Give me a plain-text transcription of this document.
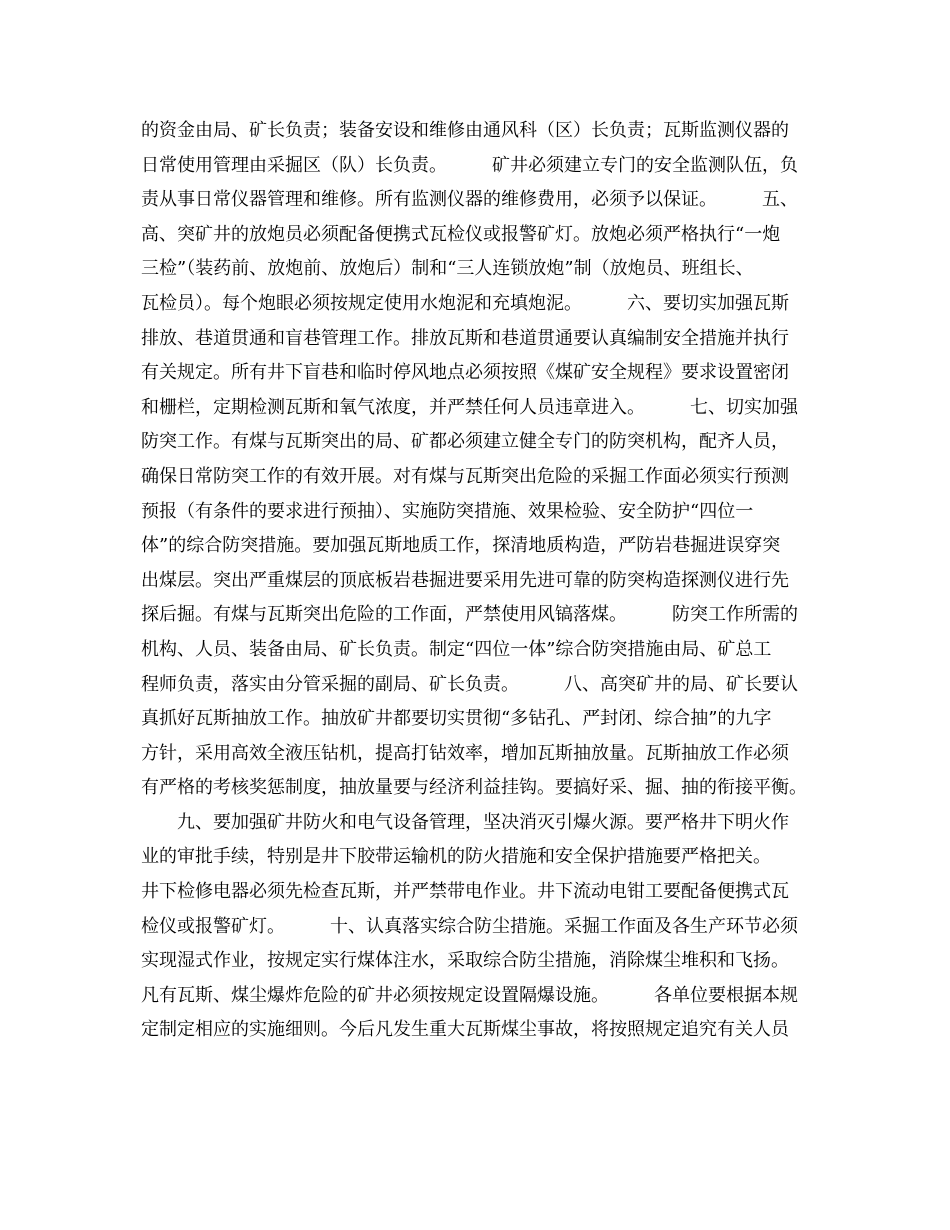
的资金由局、矿长负责；装备安设和维修由通风科（区）长负责；瓦斯监测仪器的
日常使用管理由采掘区（队）长负责。　　　矿井必须建立专门的安全监测队伍，负
责从事日常仪器管理和维修。所有监测仪器的维修费用，必须予以保证。　　　五、
高、突矿井的放炮员必须配备便携式瓦检仪或报警矿灯。放炮必须严格执行“一炮
三检”（装药前、放炮前、放炮后）制和“三人连锁放炮”制（放炮员、班组长、
瓦检员）。每个炮眼必须按规定使用水炮泥和充填炮泥。　　　六、要切实加强瓦斯
排放、巷道贯通和盲巷管理工作。排放瓦斯和巷道贯通要认真编制安全措施并执行
有关规定。所有井下盲巷和临时停风地点必须按照《煤矿安全规程》要求设置密闭
和栅栏，定期检测瓦斯和氧气浓度，并严禁任何人员违章进入。　　　七、切实加强
防突工作。有煤与瓦斯突出的局、矿都必须建立健全专门的防突机构，配齐人员，
确保日常防突工作的有效开展。对有煤与瓦斯突出危险的采掘工作面必须实行预测
预报（有条件的要求进行预抽）、实施防突措施、效果检验、安全防护“四位一
体”的综合防突措施。要加强瓦斯地质工作，探清地质构造，严防岩巷掘进误穿突
出煤层。突出严重煤层的顶底板岩巷掘进要采用先进可靠的防突构造探测仪进行先
探后掘。有煤与瓦斯突出危险的工作面，严禁使用风镐落煤。　　　防突工作所需的
机构、人员、装备由局、矿长负责。制定“四位一体”综合防突措施由局、矿总工
程师负责，落实由分管采掘的副局、矿长负责。　　　八、高突矿井的局、矿长要认
真抓好瓦斯抽放工作。抽放矿井都要切实贯彻“多钻孔、严封闭、综合抽”的九字
方针，采用高效全液压钻机，提高打钻效率，增加瓦斯抽放量。瓦斯抽放工作必须
有严格的考核奖惩制度，抽放量要与经济利益挂钩。要搞好采、掘、抽的衔接平衡。
　　九、要加强矿井防火和电气设备管理，坚决消灭引爆火源。要严格井下明火作
业的审批手续，特别是井下胶带运输机的防火措施和安全保护措施要严格把关。
井下检修电器必须先检查瓦斯，并严禁带电作业。井下流动电钳工要配备便携式瓦
检仪或报警矿灯。　　　十、认真落实综合防尘措施。采掘工作面及各生产环节必须
实现湿式作业，按规定实行煤体注水，采取综合防尘措施，消除煤尘堆积和飞扬。
凡有瓦斯、煤尘爆炸危险的矿井必须按规定设置隔爆设施。　　　各单位要根据本规
定制定相应的实施细则。今后凡发生重大瓦斯煤尘事故，将按照规定追究有关人员
